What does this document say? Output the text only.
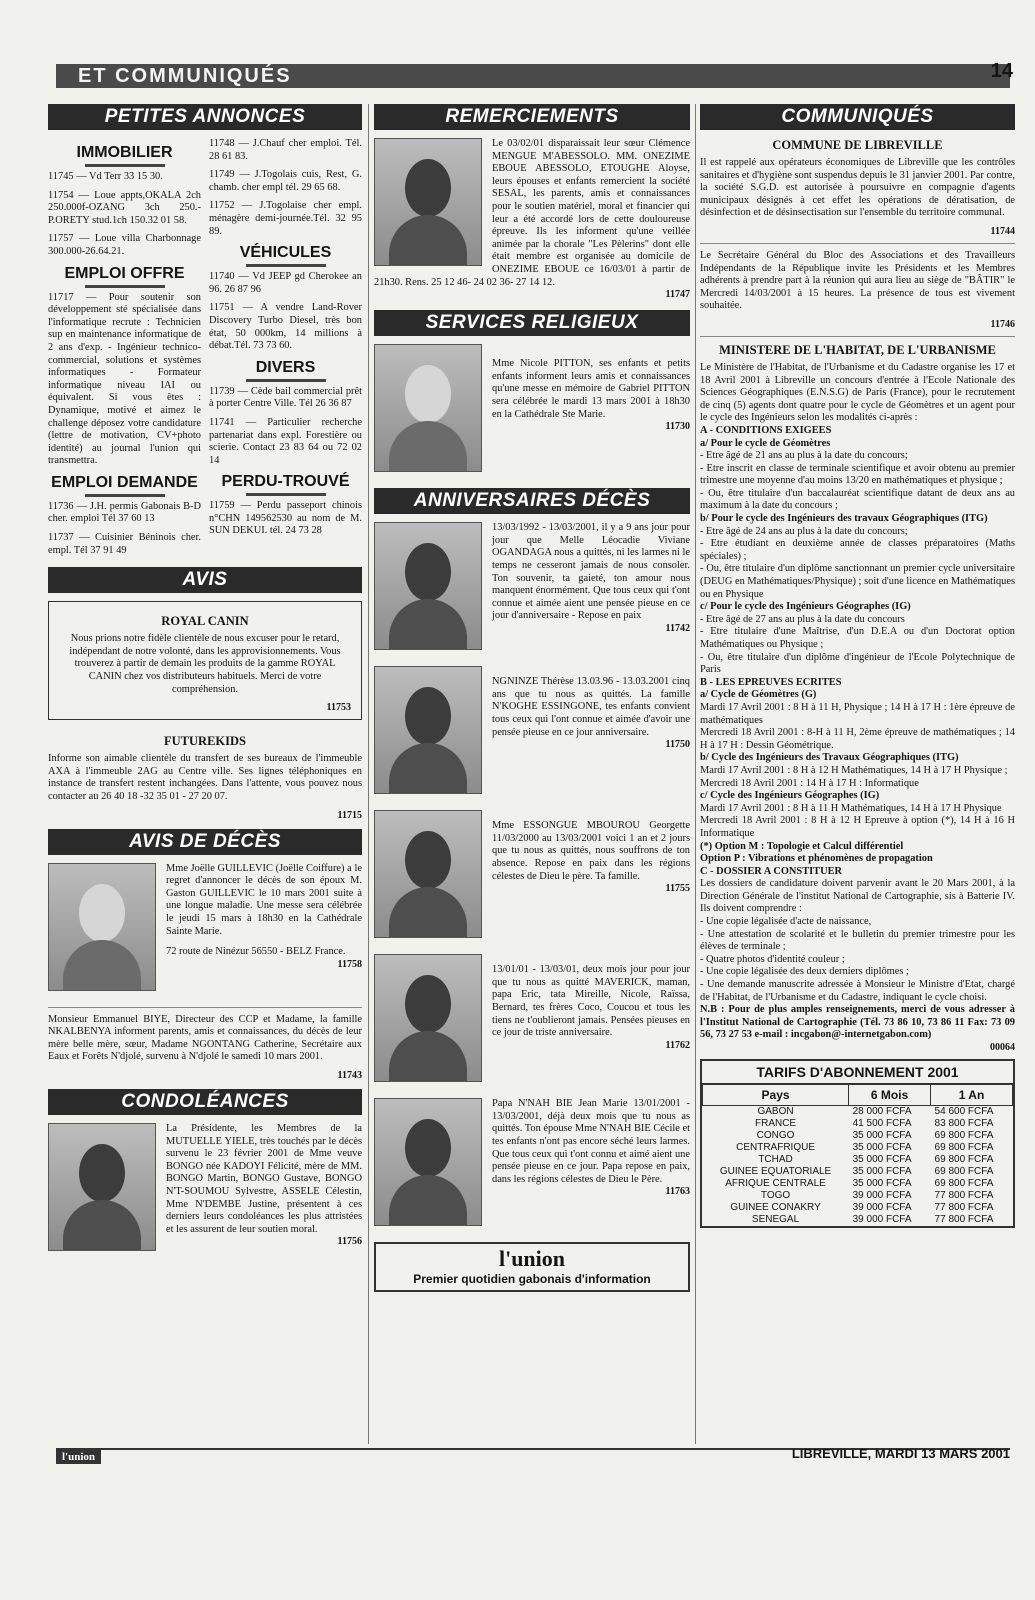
ET COMMUNIQUÉS	14
PETITES ANNONCES
IMMOBILIER

11745 — Vd Terr 33 15 30.

11754 — Loue appts,OKALA 2ch 250.000f-OZANG 3ch 250.- P.ORETY stud.1ch 150.32 01 58.

11757 — Loue villa Charbonnage 300.000-26.64.21.

EMPLOI OFFRE

11717 — Pour soutenir son développement sté spécialisée dans l'informatique recrute : Technicien sup en maintenance informatique de 2 ans d'exp. - Ingénieur technico-commercial, solutions et systèmes informatiques - Formateur informatique niveau IAI ou équivalent. Si vous êtes : Dynamique, motivé et aimez le challenge déposez votre candidature (lettre de motivation, CV+photo identité) au journal l'union qui transmettra.

EMPLOI DEMANDE

11736 — J.H. permis Gabonais B-D cher. emploi Tél 37 60 13

11737 — Cuisinier Béninois cher. empl. Tél 37 91 49

11748 — J.Chauf cher emploi. Tél. 28 61 83.

11749 — J.Togolais cuis, Rest, G. chamb. cher empl tél. 29 65 68.

11752 — J.Togolaise cher empl. ménagère demi-journée.Tél. 32 95 89.

VÉHICULES

11740 — Vd JEEP gd Cherokee an 96. 26 87 96

11751 — A vendre Land-Rover Discovery Turbo Diesel, très bon état, 50 000km, 14 millions à débat.Tél. 73 73 60.

DIVERS

11739 — Cède bail commercial prêt à porter Centre Ville. Tél 26 36 87

11741 — Particulier recherche partenariat dans expl. Forestière ou scierie. Contact 23 83 64 ou 72 02 14

PERDU-TROUVÉ

11759 — Perdu passeport chinois n°CHN 149562530 au nom de M. SUN DEKUI. tél. 24 73 28

AVIS
ROYAL CANIN

Nous prions notre fidèle clientèle de nous excuser pour le retard, indépendant de notre volonté, dans les approvisionnements. Vous trouverez à partir de demain les produits de la gamme ROYAL CANIN chez vos distributeurs habituels. Merci de votre compréhension.

11753
FUTUREKIDS

Informe son aimable clientèle du transfert de ses bureaux de l'immeuble AXA à l'immeuble 2AG au Centre ville. Ses lignes téléphoniques en instance de transfert restent inchangées. Dans l'attente, vous pouvez nous contacter au 26 40 18 -32 35 01 - 27 20 07.

11715
AVIS DE DÉCÈS
Mme Joëlle GUILLEVIC (Joëlle Coiffure) a le regret d'annoncer le décès de son époux M. Gaston GUILLEVIC le 10 mars 2001 suite à une longue maladie. Une messe sera célébrée le jeudi 15 mars à 18h30 en la Cathédrale Sainte Marie.
72 route de Ninézur 56550 - BELZ France.
11758

Monsieur Emmanuel BIYE, Directeur des CCP et Madame, la famille NKALBENYA informent parents, amis et connaissances, du décès de leur mère belle mère, sœur, Madame NGONTANG Catherine, Secrétaire aux Eaux et Forêts N'djolé, survenu à N'djolé le samedi 10 mars 2001.

11743
CONDOLÉANCES
La Présidente, les Membres de la MUTUELLE YIELE, très touchés par le décès survenu le 23 février 2001 de Mme veuve BONGO née KADOYI Félicité, mère de MM. BONGO Martin, BONGO Gustave, BONGO N'T-SOUMOU Sylvestre, ASSELE Célestin, Mme N'DEMBE Justine, présentent à ces derniers leurs condoléances les plus attristées et les assurent de leur soutien moral.
11756
REMERCIEMENTS
Le 03/02/01 disparaissait leur sœur Clémence MENGUE M'ABESSOLO. MM. ONEZIME EBOUE ABESSOLO, ETOUGHE Aloyse, leurs épouses et enfants remercient la société SESAL, les parents, amis et connaissances pour le soutien matériel, moral et financier qui leur a été accordé lors de cette douloureuse épreuve. Ils les informent qu'une veillée animée par la chorale "Les Pèlerins" dont elle était membre est organisée au domicile de ONEZIME EBOUE ce 16/03/01 à partir de 21h30. Rens. 25 12 46- 24 02 36- 27 14 12.
11747
SERVICES RELIGIEUX
Mme Nicole PITTON, ses enfants et petits enfants informent leurs amis et connaissances qu'une messe en mémoire de Gabriel PITTON sera célébrée le mardi 13 mars 2001 à 18h30 en la Cathédrale Ste Marie.
11730
ANNIVERSAIRES DÉCÈS
13/03/1992 - 13/03/2001, il y a 9 ans jour pour jour que Melle Léocadie Viviane OGANDAGA nous a quittés, ni les larmes ni le temps ne cesseront jamais de nous consoler. Ton souvenir, ta gaieté, ton amour nous manquent énormément. Que tous ceux qui t'ont connue et aimée aient une pensée pieuse en ce jour d'anniversaire - Repose en paix
11742
NGNINZE Thérèse 13.03.96 - 13.03.2001 cinq ans que tu nous as quittés. La famille N'KOGHE ESSINGONE, tes enfants convient tous ceux qui l'ont connue et aimée d'avoir une pensée pieuse en ce jour anniversaire.
11750
Mme ESSONGUE MBOUROU Georgette 11/03/2000 au 13/03/2001 voici 1 an et 2 jours que tu nous as quittés, nous souffrons de ton absence. Repose en paix dans les régions célestes de Dieu le père. Ta famille.
11755
13/01/01 - 13/03/01, deux mois jour pour jour que tu nous as quitté MAVERICK, maman, papa Eric, tata Mireille, Nicole, Raïssa, Bernard, tes frères Coco, Coucou et tous les tiens ne t'oublieront jamais. Pensées pieuses en ce jour de triste anniversaire.
11762
Papa N'NAH BIE Jean Marie 13/01/2001 - 13/03/2001, déjà deux mois que tu nous as quittés. Ton épouse Mme N'NAH BIE Cécile et tes enfants n'ont pas encore séché leurs larmes. Que tous ceux qui t'ont connu et aimé aient une pensée pieuse en ce jour. Papa repose en paix, dans les régions célestes de Dieu le Père.
11763
l'union
Premier quotidien gabonais d'information
COMMUNIQUÉS
COMMUNE DE LIBREVILLE

Il est rappelé aux opérateurs économiques de Libreville que les contrôles sanitaires et d'hygiène sont suspendus depuis le 31 janvier 2001. Par contre, la société S.G.D. est autorisée à poursuivre en compagnie d'agents municipaux désignés à cet effet les opérations de dératisation, de désinfection et de désinsectisation sur l'ensemble du territoire communal.

11744

Le Secrétaire Général du Bloc des Associations et des Travailleurs Indépendants de la République invite les Présidents et les Membres adhérents à prendre part à la réunion qui aura lieu au siège de "BÂTIR" le Mercredi 14/03/2001 à 15 heures. La présence de tous est vivement souhaitée.

11746
MINISTERE DE L'HABITAT, DE L'URBANISME

Le Ministère de l'Habitat, de l'Urbanisme et du Cadastre organise les 17 et 18 Avril 2001 à Libreville un concours d'entrée à l'Ecole Nationale des Sciences Géographiques (E.N.S.G) de Paris (France), pour le recrutement de cinq (5) agents dont quatre pour le cycle de Géomètres et un agent pour le cycle des Ingénieurs selon les modalités ci-après :

A - CONDITIONS EXIGEES
a/ Pour le cycle de Géomètres
- Etre âgé de 21 ans au plus à la date du concours;
- Etre inscrit en classe de terminale scientifique et avoir obtenu au premier trimestre une moyenne d'au moins 13/20 en mathématiques et physique ;
- Ou, être titulaire d'un baccalauréat scientifique datant de deux ans au maximum à la date du concours ;
b/ Pour le cycle des Ingénieurs des travaux Géographiques (ITG)
- Etre âgé de 24 ans au plus à la date du concours;
- Etre étudiant en deuxième année de classes préparatoires (Maths spéciales) ;
- Ou, être titulaire d'un diplôme sanctionnant un premier cycle universitaire (DEUG en Mathématiques/Physique) ; soit d'une licence en Mathématiques ou en Physique
c/ Pour le cycle des Ingénieurs Géographes (IG)
- Etre âgé de 27 ans au plus à la date du concours
- Etre titulaire d'une Maîtrise, d'un D.E.A ou d'un Doctorat option Mathématiques ou Physique ;
- Ou, être titulaire d'un diplôme d'ingénieur de l'Ecole Polytechnique de Paris
B - LES EPREUVES ECRITES
a/ Cycle de Géomètres (G)
Mardi 17 Avril 2001 : 8 H à 11 H, Physique ; 14 H à 17 H : 1ère épreuve de mathématiques
Mercredi 18 Avril 2001 : 8-H à 11 H, 2ème épreuve de mathématiques ; 14 H à 17 H : Dessin Géométrique.
b/ Cycle des Ingénieurs des Travaux Géographiques (ITG)
Mardi 17 Avril 2001 : 8 H à 12 H Mathématiques, 14 H à 17 H Physique ;
Mercredi 18 Avril 2001 : 14 H à 17 H : Informatique
c/ Cycle des Ingénieurs Géographes (IG)
Mardi 17 Avril 2001 : 8 H à 11 H Mathématiques, 14 H à 17 H Physique
Mercredi 18 Avril 2001 : 8 H à 12 H Epreuve à option (*), 14 H à 16 H Informatique
(*) Option M : Topologie et Calcul différentiel
Option P : Vibrations et phénomènes de propagation
C - DOSSIER A CONSTITUER
Les dossiers de candidature doivent parvenir avant le 20 Mars 2001, à la Direction Générale de l'institut National de Cartographie, sis à Batterie IV. Ils doivent comprendre :
- Une copie légalisée d'acte de naissance,
- Une attestation de scolarité et le bulletin du premier trimestre pour les élèves de terminale ;
- Quatre photos d'identité couleur ;
- Une copie légalisée des deux derniers diplômes ;
- Une demande manuscrite adressée à Monsieur le Ministre d'Etat, chargé de l'Habitat, de l'Urbanisme et du Cadastre, indiquant le cycle choisi.
N.B : Pour de plus amples renseignements, merci de vous adresser à l'Institut National de Cartographie (Tél. 73 86 10, 73 86 11 Fax: 73 09 56, 73 27 53 e-mail : incgabon@-internetgabon.com)
00064
TARIFS D'ABONNEMENT 2001
Pays	6 Mois	1 An
GABON	28 000 FCFA	54 600 FCFA
FRANCE	41 500 FCFA	83 800 FCFA
CONGO	35 000 FCFA	69 800 FCFA
CENTRAFRIQUE	35 000 FCFA	69 800 FCFA
TCHAD	35 000 FCFA	69 800 FCFA
GUINEE EQUATORIALE	35 000 FCFA	69 800 FCFA
AFRIQUE CENTRALE	35 000 FCFA	69 800 FCFA
TOGO	39 000 FCFA	77 800 FCFA
GUINEE CONAKRY	39 000 FCFA	77 800 FCFA
SENEGAL	39 000 FCFA	77 800 FCFA
l'union	LIBREVILLE, MARDI 13 MARS 2001
